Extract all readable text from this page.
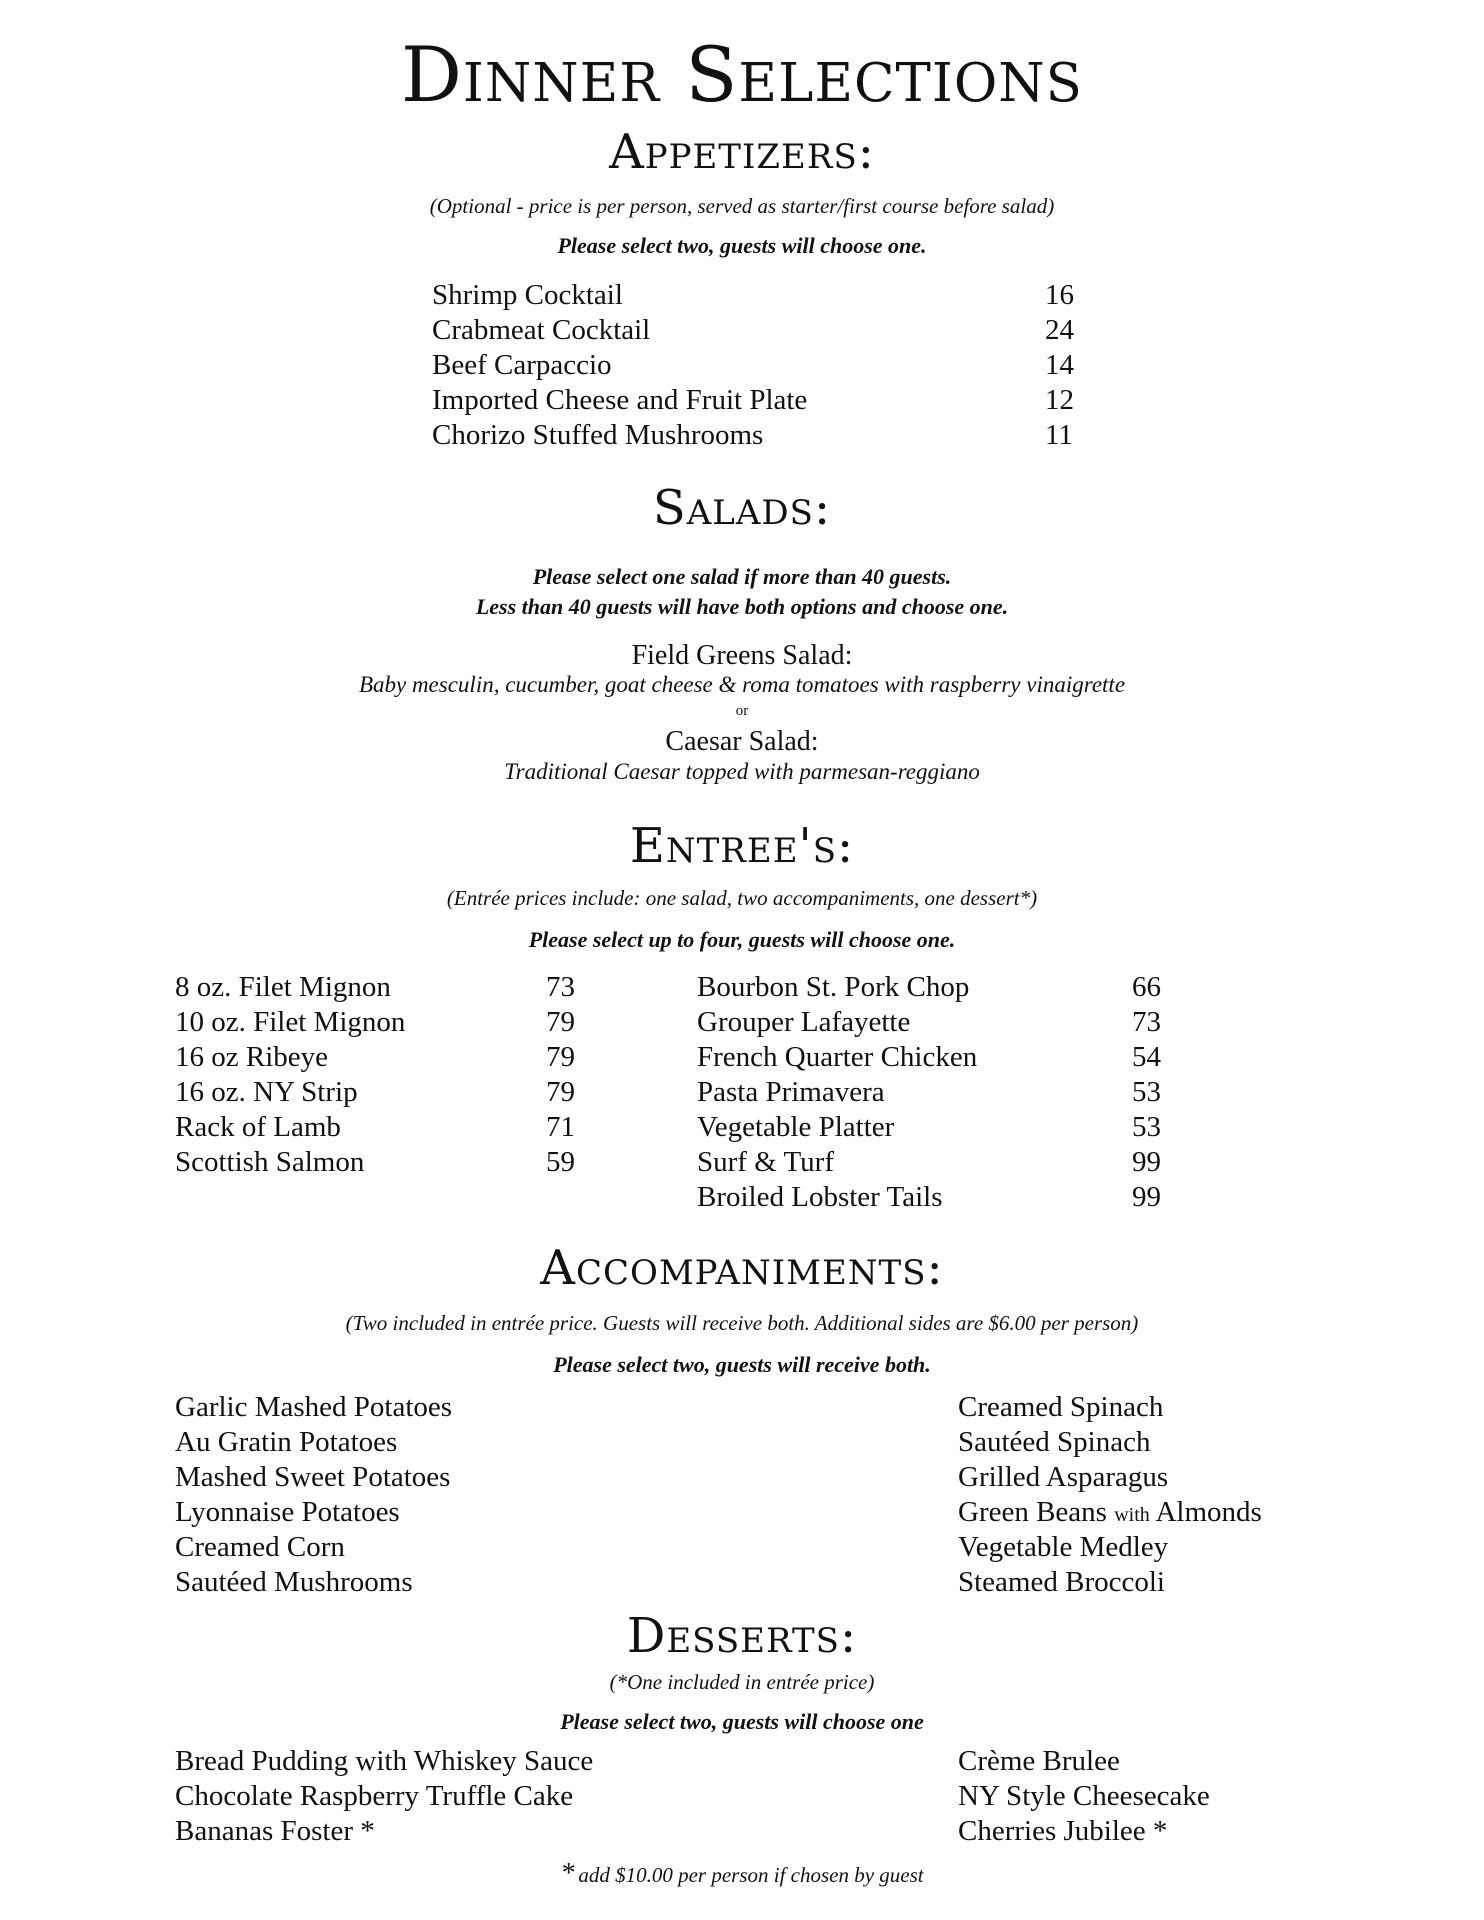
Dinner Selections
Appetizers:
(Optional - price is per person, served as starter/first course before salad)
Please select two, guests will choose one.
Shrimp Cocktail	16
Crabmeat Cocktail	24
Beef Carpaccio	14
Imported Cheese and Fruit Plate	12
Chorizo Stuffed Mushrooms	11
Salads:
Please select one salad if more than 40 guests.
Less than 40 guests will have both options and choose one.
Field Greens Salad:
Baby mesculin, cucumber, goat cheese & roma tomatoes with raspberry vinaigrette
or
Caesar Salad:
Traditional Caesar topped with parmesan-reggiano
Entree's:
(Entrée prices include: one salad, two accompaniments, one dessert*)
Please select up to four, guests will choose one.
8 oz. Filet Mignon	73
10 oz. Filet Mignon	79
16 oz Ribeye	79
16 oz. NY Strip	79
Rack of Lamb	71
Scottish Salmon	59
Bourbon St. Pork Chop	66
Grouper Lafayette	73
French Quarter Chicken	54
Pasta Primavera	53
Vegetable Platter	53
Surf & Turf	99
Broiled Lobster Tails	99
Accompaniments:
(Two included in entrée price. Guests will receive both. Additional sides are $6.00 per person)
Please select two, guests will receive both.
Garlic Mashed Potatoes
Au Gratin Potatoes
Mashed Sweet Potatoes
Lyonnaise Potatoes
Creamed Corn
Sautéed Mushrooms
Creamed Spinach
Sautéed Spinach
Grilled Asparagus
Green Beans with Almonds
Vegetable Medley
Steamed Broccoli
Desserts:
(*One included in entrée price)
Please select two, guests will choose one
Bread Pudding with Whiskey Sauce
Chocolate Raspberry Truffle Cake
Bananas Foster *
Crème Brulee
NY Style Cheesecake
Cherries Jubilee *
* add $10.00 per person if chosen by guest
